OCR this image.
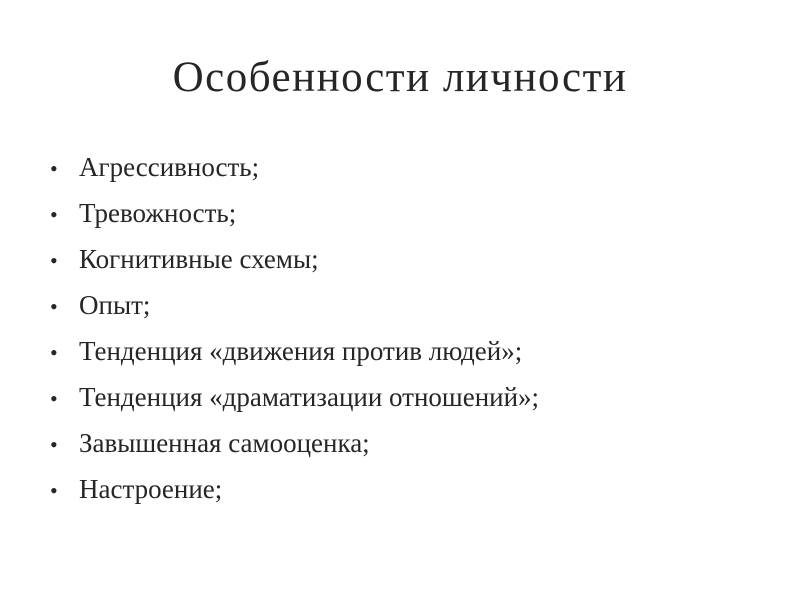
Особенности личности
• Агрессивность;
• Тревожность;
• Когнитивные схемы;
• Опыт;
• Тенденция «движения против людей»;
• Тенденция «драматизации отношений»;
• Завышенная самооценка;
• Настроение;
